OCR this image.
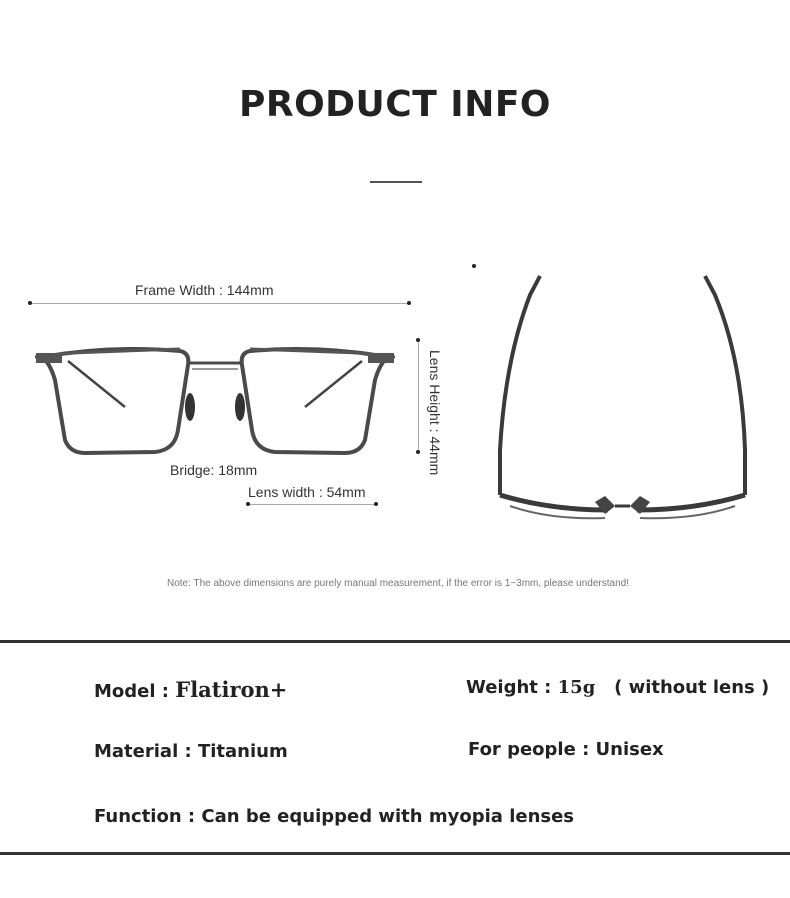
PRODUCT INFO
Frame Width : 144mm
Lens Height : 44mm
Bridge: 18mm
Lens width : 54mm
Note: The above dimensions are purely manual measurement, if the error is 1~3mm, please understand!
Model : Flatiron+	Weight : 15g ( without lens )
Material : Titanium	For people : Unisex
Function : Can be equipped with myopia lenses
